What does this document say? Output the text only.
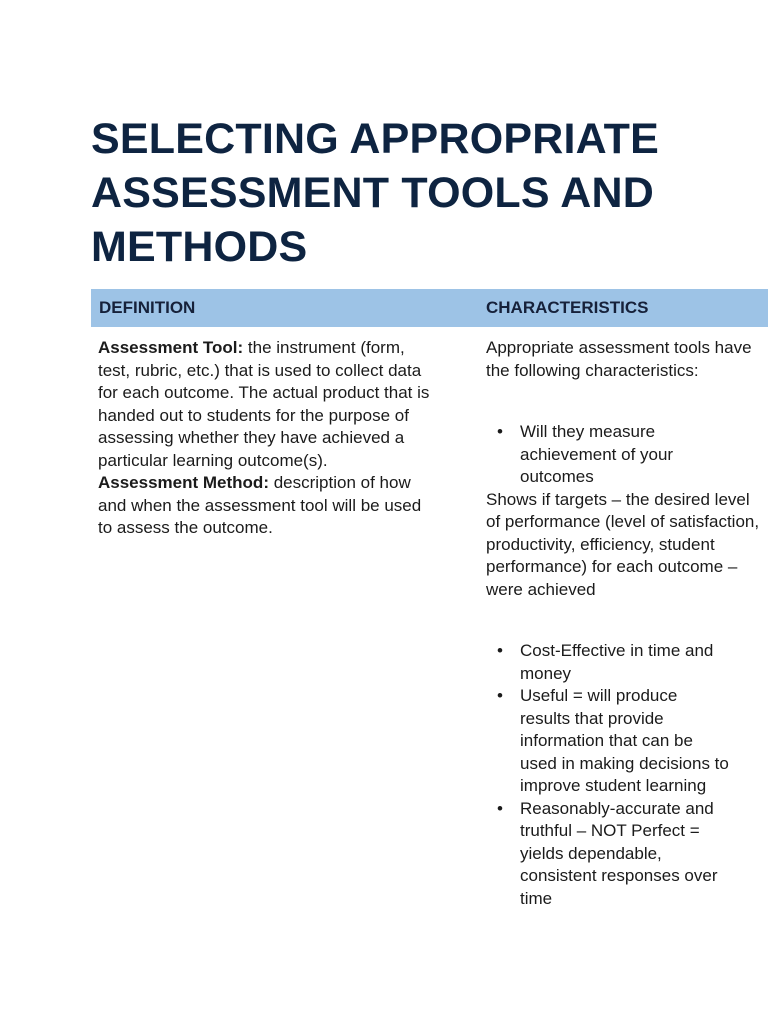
SELECTING APPROPRIATE
ASSESSMENT TOOLS AND
METHODS
DEFINITION	CHARACTERISTICS
Assessment Tool: the instrument (form,
test, rubric, etc.) that is used to collect data
for each outcome. The actual product that is
handed out to students for the purpose of
assessing whether they have achieved a
particular learning outcome(s).
Assessment Method: description of how
and when the assessment tool will be used
to assess the outcome.
Appropriate assessment tools have
the following characteristics:
• Will they measure
achievement of your
outcomes
Shows if targets – the desired level
of performance (level of satisfaction,
productivity, efficiency, student
performance) for each outcome –
were achieved
• Cost-Effective in time and
money
• Useful = will produce
results that provide
information that can be
used in making decisions to
improve student learning
• Reasonably-accurate and
truthful – NOT Perfect =
yields dependable,
consistent responses over
time
